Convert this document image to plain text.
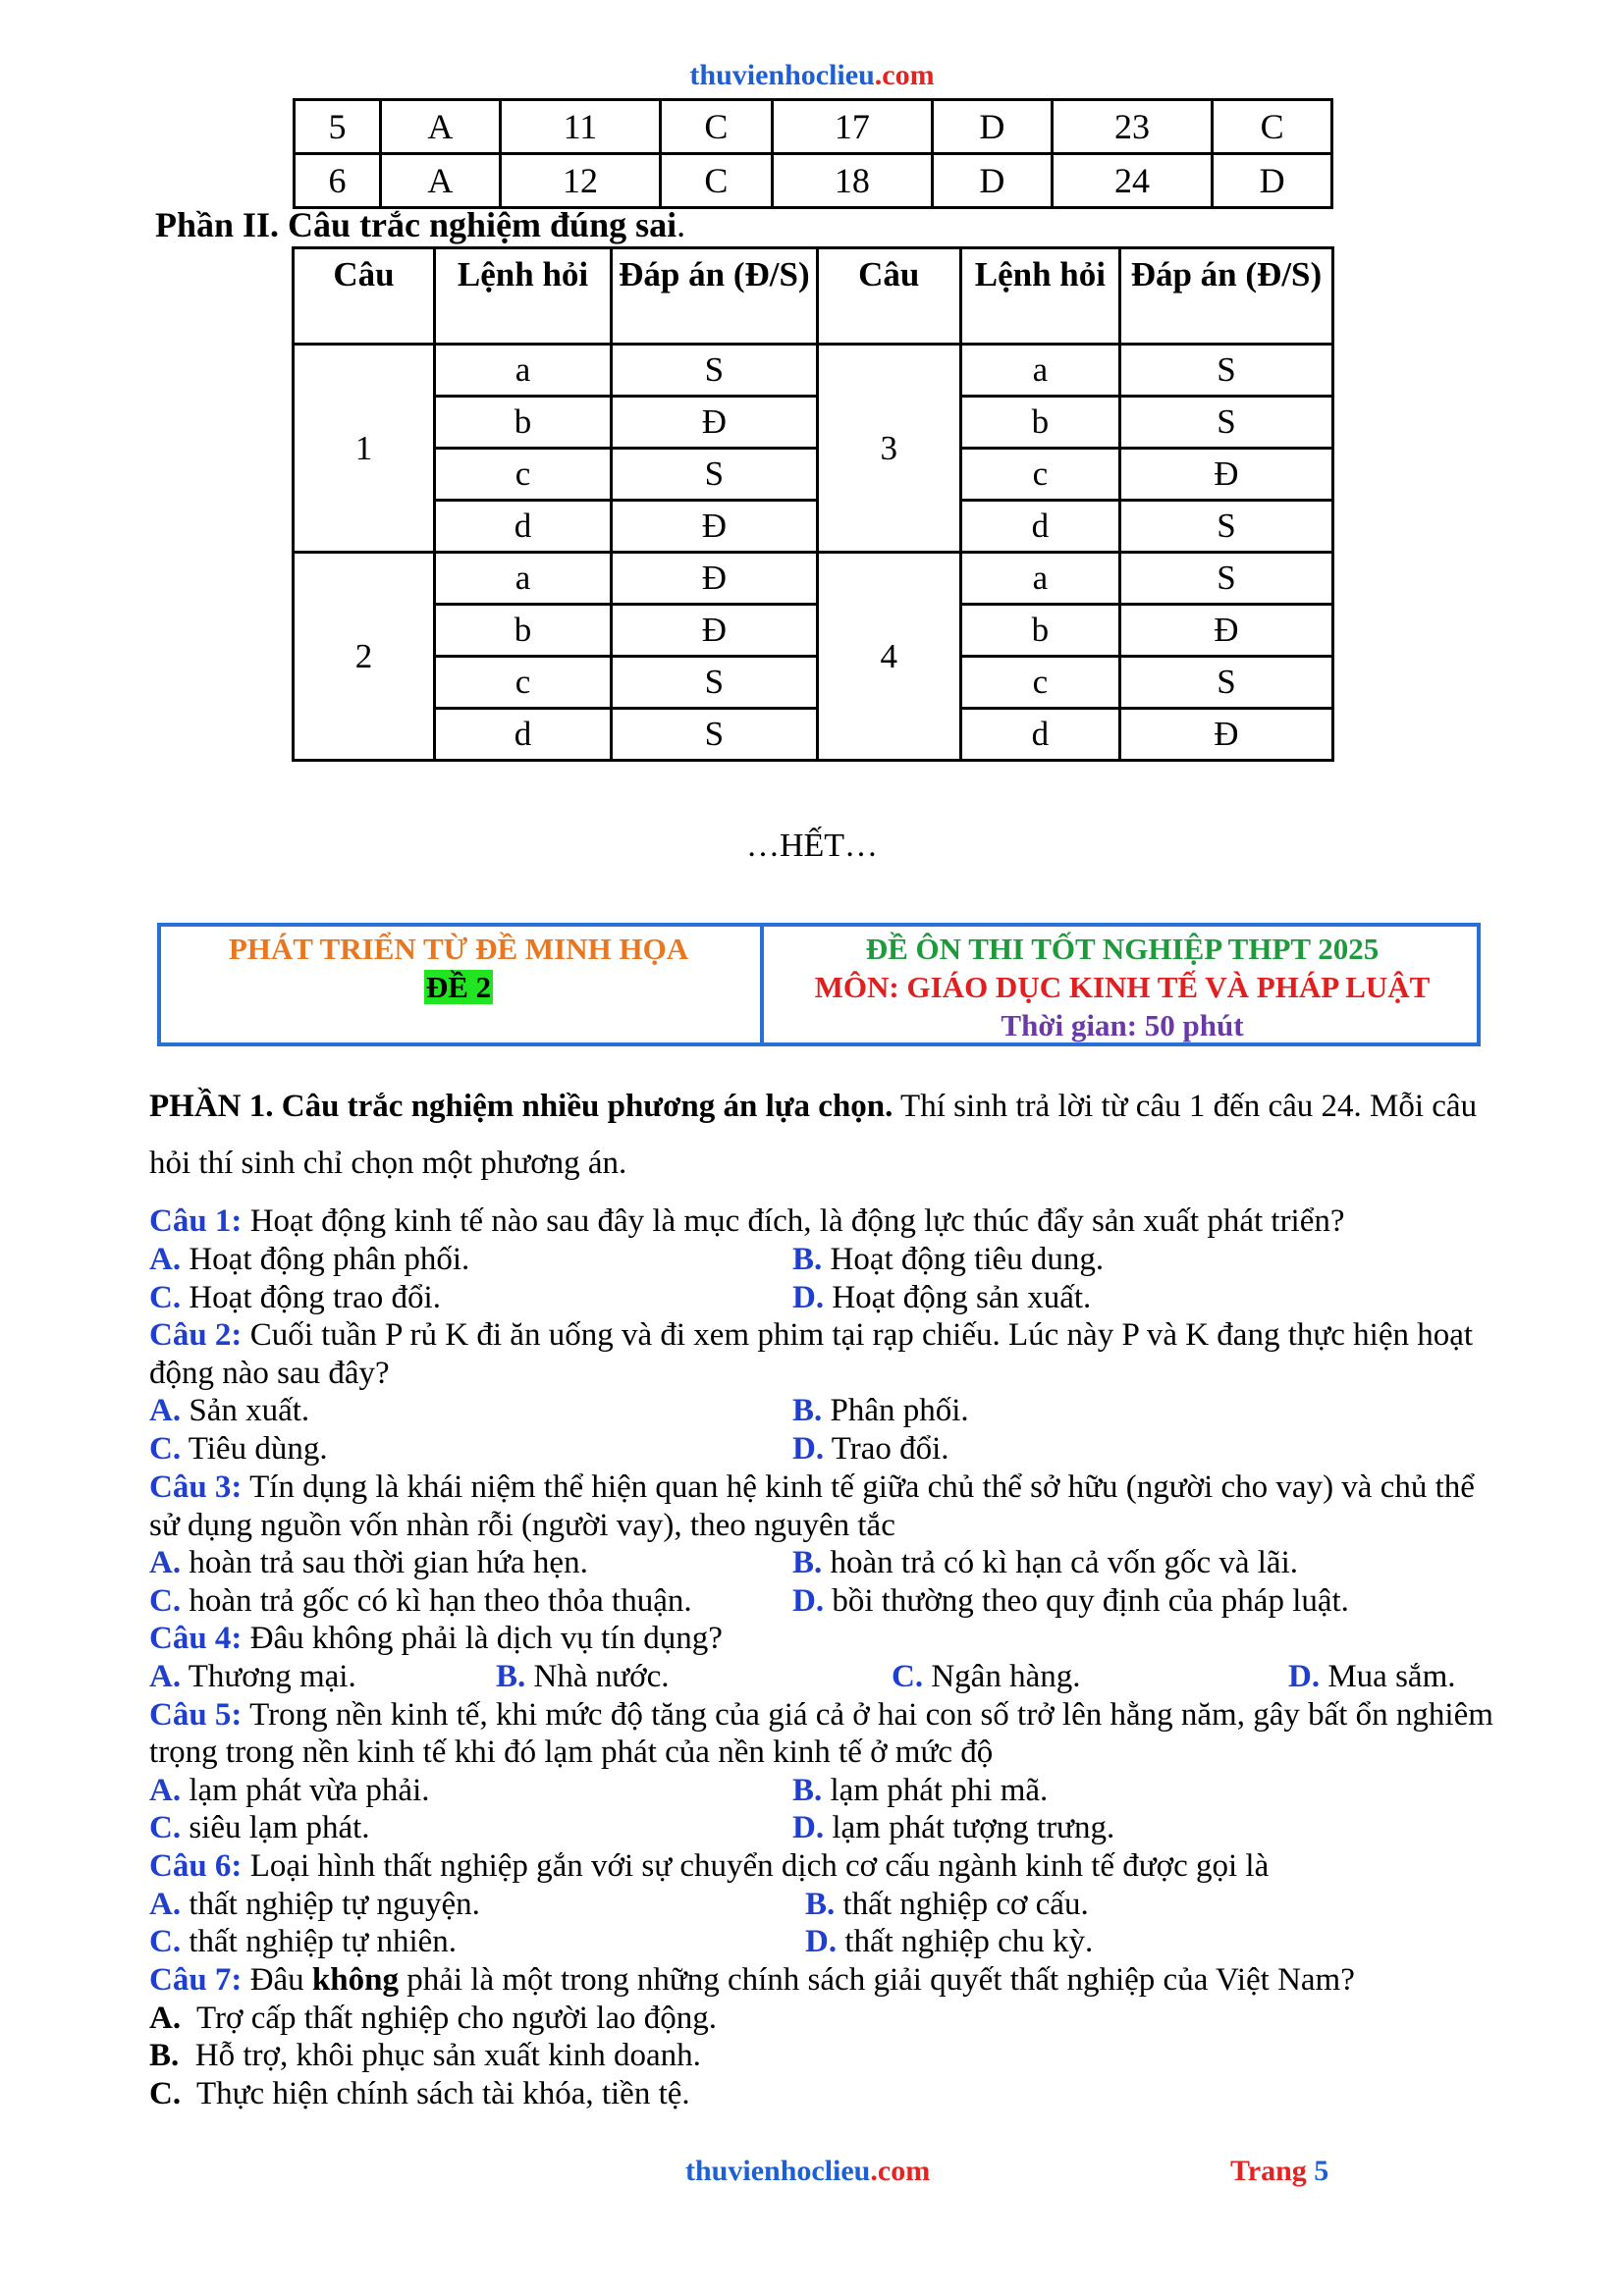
thuvienhoclieu.com
5	A	11	C	17	D	23	C
6	A	12	C	18	D	24	D
Phần II. Câu trắc nghiệm đúng sai.
Câu	Lệnh hỏi	Đáp án (Đ/S)	Câu	Lệnh hỏi	Đáp án (Đ/S)
1	a	S	3	a	S
	b	Đ		b	S
	c	S		c	Đ
	d	Đ		d	S
2	a	Đ	4	a	S
	b	Đ		b	Đ
	c	S		c	S
	d	S		d	Đ
…HẾT…
PHÁT TRIỂN TỪ ĐỀ MINH HỌA
ĐỀ 2
ĐỀ ÔN THI TỐT NGHIỆP THPT 2025
MÔN: GIÁO DỤC KINH TẾ VÀ PHÁP LUẬT
Thời gian: 50 phút
PHẦN 1. Câu trắc nghiệm nhiều phương án lựa chọn. Thí sinh trả lời từ câu 1 đến câu 24. Mỗi câu
hỏi thí sinh chỉ chọn một phương án.
Câu 1: Hoạt động kinh tế nào sau đây là mục đích, là động lực thúc đẩy sản xuất phát triển?
A. Hoạt động phân phối.	B. Hoạt động tiêu dung.
C. Hoạt động trao đổi.	D. Hoạt động sản xuất.
Câu 2: Cuối tuần P rủ K đi ăn uống và đi xem phim tại rạp chiếu. Lúc này P và K đang thực hiện hoạt
động nào sau đây?
A. Sản xuất.	B. Phân phối.
C. Tiêu dùng.	D. Trao đổi.
Câu 3: Tín dụng là khái niệm thể hiện quan hệ kinh tế giữa chủ thể sở hữu (người cho vay) và chủ thể
sử dụng nguồn vốn nhàn rỗi (người vay), theo nguyên tắc
A. hoàn trả sau thời gian hứa hẹn.	B. hoàn trả có kì hạn cả vốn gốc và lãi.
C. hoàn trả gốc có kì hạn theo thỏa thuận.	D. bồi thường theo quy định của pháp luật.
Câu 4: Đâu không phải là dịch vụ tín dụng?
A. Thương mại.	B. Nhà nước.	C. Ngân hàng.	D. Mua sắm.
Câu 5: Trong nền kinh tế, khi mức độ tăng của giá cả ở hai con số trở lên hằng năm, gây bất ổn nghiêm
trọng trong nền kinh tế khi đó lạm phát của nền kinh tế ở mức độ
A. lạm phát vừa phải.	B. lạm phát phi mã.
C. siêu lạm phát.	D. lạm phát tượng trưng.
Câu 6: Loại hình thất nghiệp gắn với sự chuyển dịch cơ cấu ngành kinh tế được gọi là
A. thất nghiệp tự nguyện.	B. thất nghiệp cơ cấu.
C. thất nghiệp tự nhiên.	D. thất nghiệp chu kỳ.
Câu 7: Đâu không phải là một trong những chính sách giải quyết thất nghiệp của Việt Nam?
A. Trợ cấp thất nghiệp cho người lao động.
B. Hỗ trợ, khôi phục sản xuất kinh doanh.
C. Thực hiện chính sách tài khóa, tiền tệ.
thuvienhoclieu.com	Trang 5
